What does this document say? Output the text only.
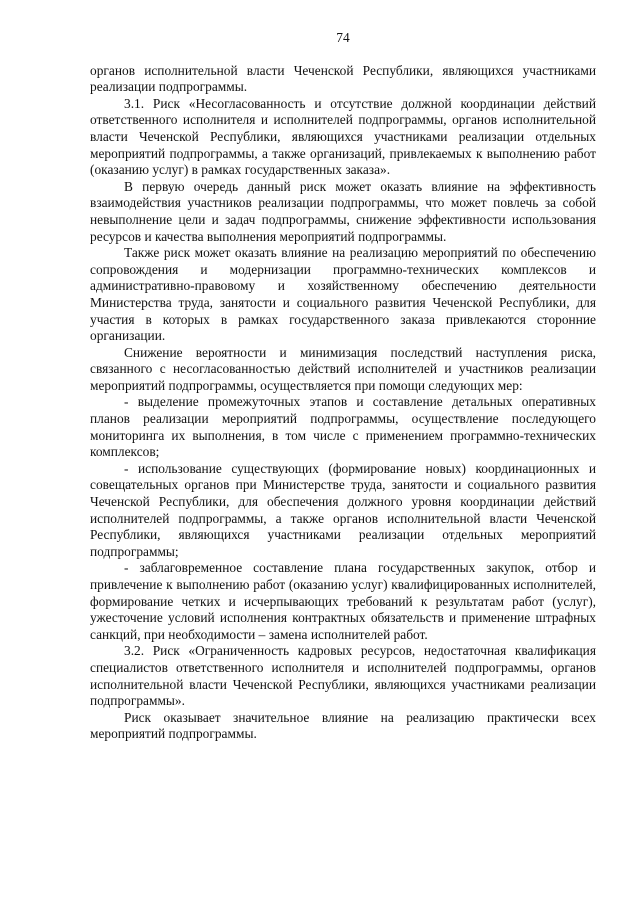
74

органов исполнительной власти Чеченской Республики, являющихся участниками реализации подпрограммы.

3.1. Риск «Несогласованность и отсутствие должной координации действий ответственного исполнителя и исполнителей подпрограммы, органов исполнительной власти Чеченской Республики, являющихся участниками реализации отдельных мероприятий подпрограммы, а также организаций, привлекаемых к выполнению работ (оказанию услуг) в рамках государственных заказа».

В первую очередь данный риск может оказать влияние на эффективность взаимодействия участников реализации подпрограммы, что может повлечь за собой невыполнение цели и задач подпрограммы, снижение эффективности использования ресурсов и качества выполнения мероприятий подпрограммы.

Также риск может оказать влияние на реализацию мероприятий по обеспечению сопровождения и модернизации программно-технических комплексов и административно-правовому и хозяйственному обеспечению деятельности Министерства труда, занятости и социального развития Чеченской Республики, для участия в которых в рамках государственного заказа привлекаются сторонние организации.

Снижение вероятности и минимизация последствий наступления риска, связанного с несогласованностью действий исполнителей и участников реализации мероприятий подпрограммы, осуществляется при помощи следующих мер:

- выделение промежуточных этапов и составление детальных оперативных планов реализации мероприятий подпрограммы, осуществление последующего мониторинга их выполнения, в том числе с применением программно-технических комплексов;

- использование существующих (формирование новых) координационных и совещательных органов при Министерстве труда, занятости и социального развития Чеченской Республики, для обеспечения должного уровня координации действий исполнителей подпрограммы, а также органов исполнительной власти Чеченской Республики, являющихся участниками реализации отдельных мероприятий подпрограммы;

- заблаговременное составление плана государственных закупок, отбор и привлечение к выполнению работ (оказанию услуг) квалифицированных исполнителей, формирование четких и исчерпывающих требований к результатам работ (услуг), ужесточение условий исполнения контрактных обязательств и применение штрафных санкций, при необходимости – замена исполнителей работ.

3.2. Риск «Ограниченность кадровых ресурсов, недостаточная квалификация специалистов ответственного исполнителя и исполнителей подпрограммы, органов исполнительной власти Чеченской Республики, являющихся участниками реализации подпрограммы».

Риск оказывает значительное влияние на реализацию практически всех мероприятий подпрограммы.
